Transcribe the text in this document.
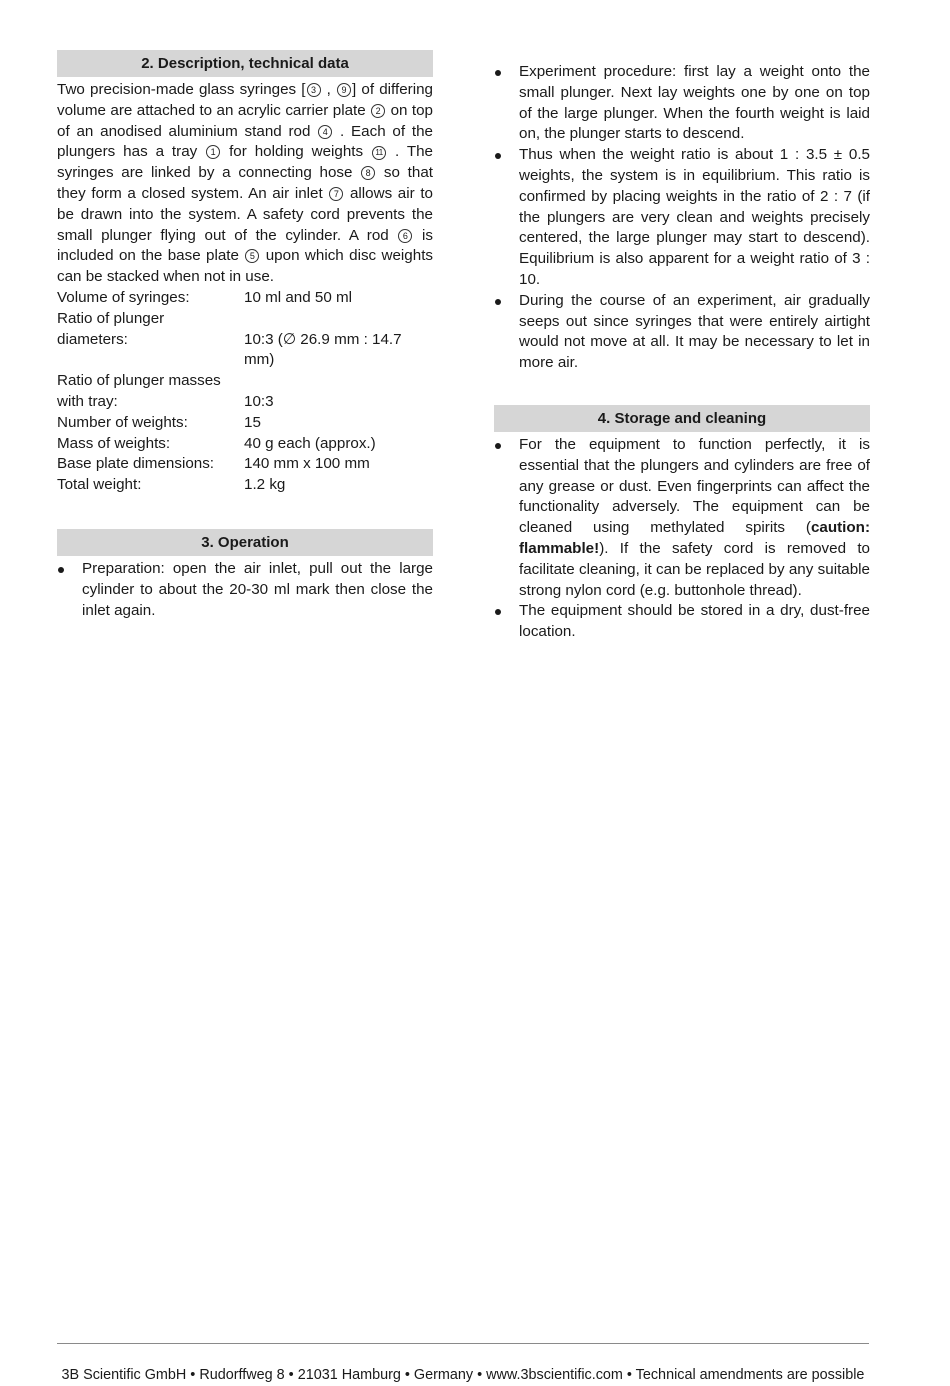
2. Description, technical data

Two precision-made glass syringes [ 3 , 9 ] of differing volume are attached to an acrylic carrier plate 2 on top of an anodised aluminium stand rod 4 . Each of the plungers has a tray 1 for holding weights 11 . The syringes are linked by a connecting hose 8 so that they form a closed system. An air inlet 7 allows air to be drawn into the system. A safety cord prevents the small plunger flying out of the cylinder. A rod 6 is included on the base plate 5 upon which disc weights can be stacked when not in use.

Volume of syringes:	10 ml and 50 ml
Ratio of plunger	
diameters:	10:3 (∅ 26.9 mm : 14.7 mm)
Ratio of plunger masses	
with tray:	10:3
Number of weights:	15
Mass of weights:	40 g each (approx.)
Base plate dimensions:	140 mm x 100 mm
Total weight:	1.2 kg
3. Operation
Preparation: open the air inlet, pull out the large cylinder to about the 20-30 ml mark then close the inlet again.
Experiment procedure: first lay a weight onto the small plunger. Next lay weights one by one on top of the large plunger. When the fourth weight is laid on, the plunger starts to descend.
Thus when the weight ratio is about 1 : 3.5 ± 0.5 weights, the system is in equilibrium. This ratio is confirmed by placing weights in the ratio of 2 : 7 (if the plungers are very clean and weights precisely centered, the large plunger may start to descend). Equilibrium is also apparent for a weight ratio of 3 : 10.
During the course of an experiment, air gradually seeps out since syringes that were entirely airtight would not move at all. It may be necessary to let in more air.
4. Storage and cleaning
For the equipment to function perfectly, it is essential that the plungers and cylinders are free of any grease or dust. Even fingerprints can affect the functionality adversely. The equipment can be cleaned using methylated spirits (caution: flammable!). If the safety cord is removed to facilitate cleaning, it can be replaced by any suitable strong nylon cord (e.g. buttonhole thread).
The equipment should be stored in a dry, dust-free location.
3B Scientific GmbH • Rudorffweg 8 • 21031 Hamburg • Germany • www.3bscientific.com • Technical amendments are possible
